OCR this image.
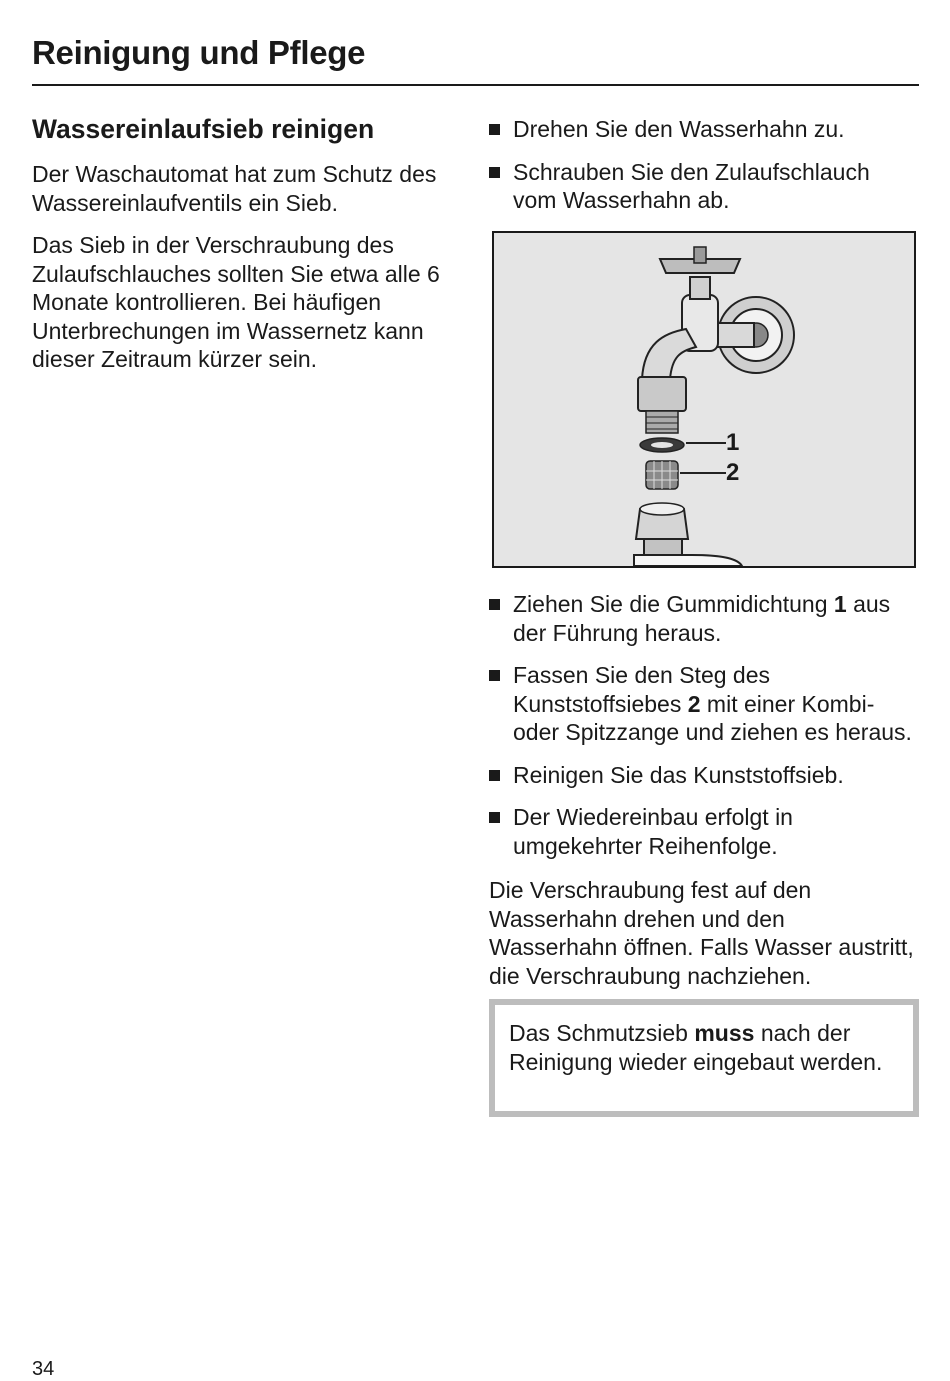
Reinigung und Pflege
Wassereinlaufsieb reinigen

Der Waschautomat hat zum Schutz des Wassereinlaufventils ein Sieb.

Das Sieb in der Verschraubung des Zulaufschlauches sollten Sie etwa alle 6 Monate kontrollieren. Bei häufigen Unterbrechungen im Wassernetz kann dieser Zeitraum kürzer sein.

Drehen Sie den Wasserhahn zu.
Schrauben Sie den Zulaufschlauch vom Wasserhahn ab.
1
2
Ziehen Sie die Gummidichtung 1 aus der Führung heraus.
Fassen Sie den Steg des Kunststoffsiebes 2 mit einer Kombi- oder Spitzzange und ziehen es heraus.
Reinigen Sie das Kunststoffsieb.
Der Wiedereinbau erfolgt in umgekehrter Reihenfolge.

Die Verschraubung fest auf den Wasserhahn drehen und den Wasserhahn öffnen. Falls Wasser austritt, die Verschraubung nachziehen.

Das Schmutzsieb muss nach der Reinigung wieder eingebaut werden.
34
